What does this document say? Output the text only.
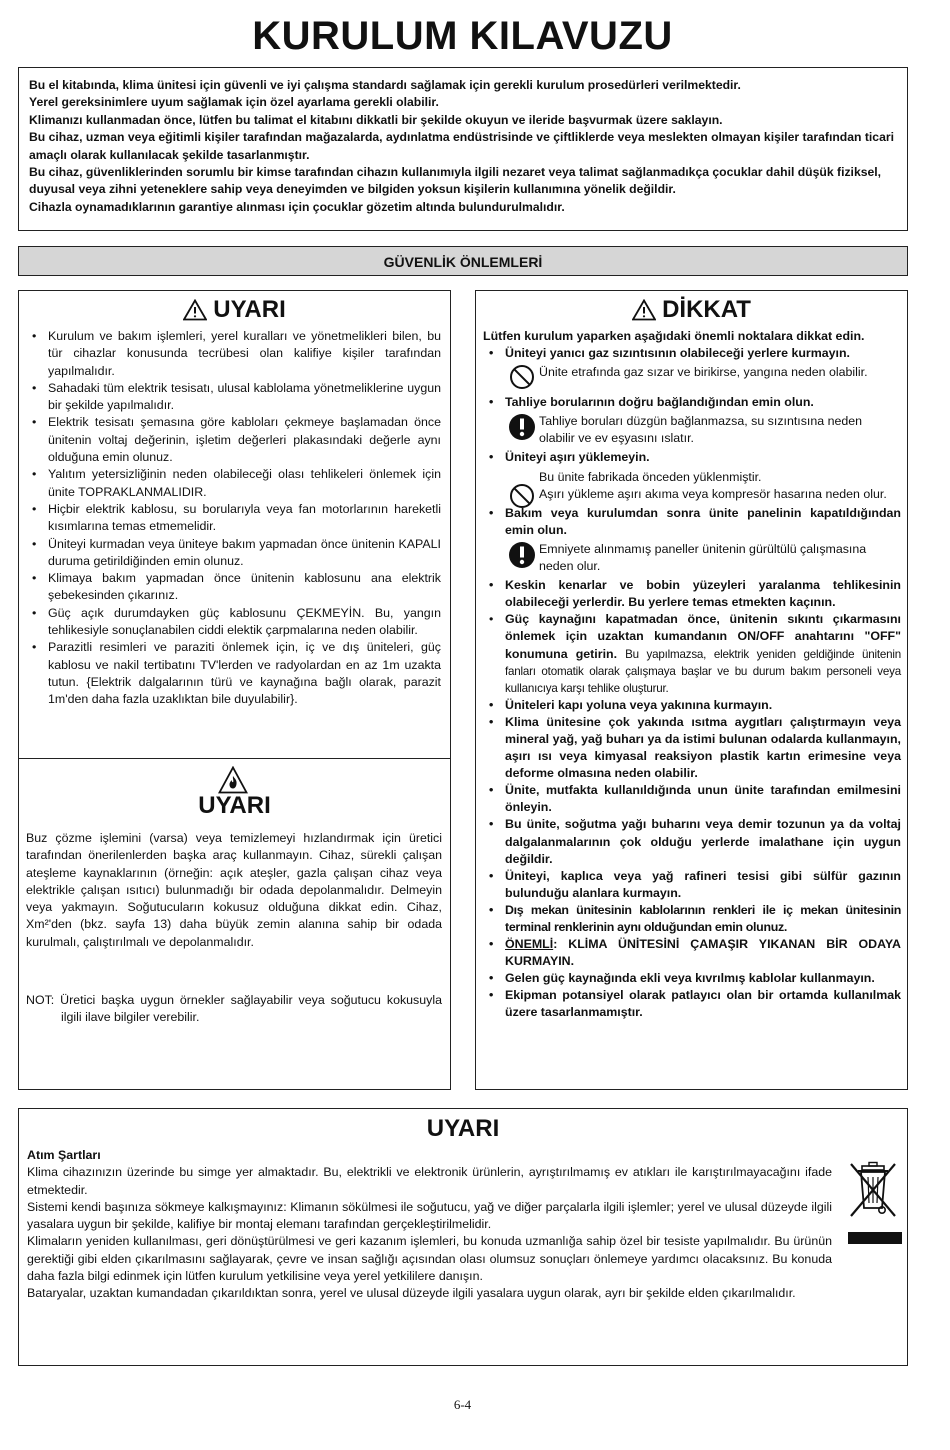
KURULUM KILAVUZU

Bu el kitabında, klima ünitesi için güvenli ve iyi çalışma standardı sağlamak için gerekli kurulum prosedürleri verilmektedir.

Yerel gereksinimlere uyum sağlamak için özel ayarlama gerekli olabilir.

Klimanızı kullanmadan önce, lütfen bu talimat el kitabını dikkatli bir şekilde okuyun ve ileride başvurmak üzere saklayın.

Bu cihaz, uzman veya eğitimli kişiler tarafından mağazalarda, aydınlatma endüstrisinde ve çiftliklerde veya meslekten olmayan kişiler tarafından ticari amaçlı olarak kullanılacak şekilde tasarlanmıştır.

Bu cihaz, güvenliklerinden sorumlu bir kimse tarafından cihazın kullanımıyla ilgili nezaret veya talimat sağlanmadıkça çocuklar dahil düşük fiziksel, duyusal veya zihni yeteneklere sahip veya deneyimden ve bilgiden yoksun kişilerin kullanımına yönelik değildir.

Cihazla oynamadıklarının garantiye alınması için çocuklar gözetim altında bulundurulmalıdır.

GÜVENLİK ÖNLEMLERİ
UYARI
• Kurulum ve bakım işlemleri, yerel kuralları ve yönetmelikleri bilen, bu tür cihazlar konusunda tecrübesi olan kalifiye kişiler tarafından yapılmalıdır.
• Sahadaki tüm elektrik tesisatı, ulusal kablolama yönetmeliklerine uygun bir şekilde yapılmalıdır.
• Elektrik tesisatı şemasına göre kabloları çekmeye başlamadan önce ünitenin voltaj değerinin, işletim değerleri plakasındaki değerle aynı olduğuna emin olunuz.
• Yalıtım yetersizliğinin neden olabileceği olası tehlikeleri önlemek için ünite TOPRAKLANMALIDIR.
• Hiçbir elektrik kablosu, su borularıyla veya fan motorlarının hareketli kısımlarına temas etmemelidir.
• Üniteyi kurmadan veya üniteye bakım yapmadan önce ünitenin KAPALI duruma getirildiğinden emin olunuz.
• Klimaya bakım yapmadan önce ünitenin kablosunu ana elektrik şebekesinden çıkarınız.
• Güç açık durumdayken güç kablosunu ÇEKMEYİN. Bu, yangın tehlikesiyle sonuçlanabilen ciddi elektik çarpmalarına neden olabilir.
• Parazitli resimleri ve paraziti önlemek için, iç ve dış üniteleri, güç kablosu ve nakil tertibatını TV'lerden ve radyolardan en az 1m uzakta tutun. {Elektrik dalgalarının türü ve kaynağına bağlı olarak, parazit 1m'den daha fazla uzaklıktan bile duyulabilir}.
UYARI

Buz çözme işlemini (varsa) veya temizlemeyi hızlandırmak için üretici tarafından önerilenlerden başka araç kullanmayın. Cihaz, sürekli çalışan ateşleme kaynaklarının (örneğin: açık ateşler, gazla çalışan cihaz veya elektrikle çalışan ısıtıcı) bulunmadığı bir odada depolanmalıdır. Delmeyin veya yakmayın. Soğutucuların kokusuz olduğuna dikkat edin. Cihaz, Xm²'den (bkz. sayfa 13) daha büyük zemin alanına sahip bir odada kurulmalı, çalıştırılmalı ve depolanmalıdır.

NOT: Üretici başka uygun örnekler sağlayabilir veya soğutucu kokusuyla ilgili ilave bilgiler verebilir.
DİKKAT
Lütfen kurulum yaparken aşağıdaki önemli noktalara dikkat edin.
• Üniteyi yanıcı gaz sızıntısının olabileceği yerlere kurmayın.
Ünite etrafında gaz sızar ve birikirse, yangına neden olabilir.
• Tahliye borularının doğru bağlandığından emin olun.
Tahliye boruları düzgün bağlanmazsa, su sızıntısına neden olabilir ve ev eşyasını ıslatır.
• Üniteyi aşırı yüklemeyin.
Bu ünite fabrikada önceden yüklenmiştir.
Aşırı yükleme aşırı akıma veya kompresör hasarına neden olur.
• Bakım veya kurulumdan sonra ünite panelinin kapatıldığından emin olun.
Emniyete alınmamış paneller ünitenin gürültülü çalışmasına neden olur.
• Keskin kenarlar ve bobin yüzeyleri yaralanma tehlikesinin olabileceği yerlerdir. Bu yerlere temas etmekten kaçının.
• Güç kaynağını kapatmadan önce, ünitenin sıkıntı çıkarmasını önlemek için uzaktan kumandanın ON/OFF anahtarını "OFF" konumuna getirin. Bu yapılmazsa, elektrik yeniden geldiğinde ünitenin fanları otomatik olarak çalışmaya başlar ve bu durum bakım personeli veya kullanıcıya karşı tehlike oluşturur.
• Üniteleri kapı yoluna veya yakınına kurmayın.
• Klima ünitesine çok yakında ısıtma aygıtları çalıştırmayın veya mineral yağ, yağ buharı ya da istimi bulunan odalarda kullanmayın, aşırı ısı veya kimyasal reaksiyon plastik kartın erimesine veya deforme olmasına neden olabilir.
• Ünite, mutfakta kullanıldığında unun ünite tarafından emilmesini önleyin.
• Bu ünite, soğutma yağı buharını veya demir tozunun ya da voltaj dalgalanmalarının çok olduğu yerlerde imalathane için uygun değildir.
• Üniteyi, kaplıca veya yağ rafineri tesisi gibi sülfür gazının bulunduğu alanlara kurmayın.
• Dış mekan ünitesinin kablolarının renkleri ile iç mekan ünitesinin terminal renklerinin aynı olduğundan emin olunuz.
• ÖNEMLİ: KLİMA ÜNİTESİNİ ÇAMAŞIR YIKANAN BİR ODAYA KURMAYIN.
• Gelen güç kaynağında ekli veya kıvrılmış kablolar kullanmayın.
• Ekipman potansiyel olarak patlayıcı olan bir ortamda kullanılmak üzere tasarlanmamıştır.
UYARI

Atım Şartları

Klima cihazınızın üzerinde bu simge yer almaktadır. Bu, elektrikli ve elektronik ürünlerin, ayrıştırılmamış ev atıkları ile karıştırılmayacağını ifade etmektedir.

Sistemi kendi başınıza sökmeye kalkışmayınız: Klimanın sökülmesi ile soğutucu, yağ ve diğer parçalarla ilgili işlemler; yerel ve ulusal düzeyde ilgili yasalara uygun bir şekilde, kalifiye bir montaj elemanı tarafından gerçekleştirilmelidir.

Klimaların yeniden kullanılması, geri dönüştürülmesi ve geri kazanım işlemleri, bu konuda uzmanlığa sahip özel bir tesiste yapılmalıdır. Bu ürünün gerektiği gibi elden çıkarılmasını sağlayarak, çevre ve insan sağlığı açısından olası olumsuz sonuçları önlemeye yardımcı olacaksınız. Bu konuda daha fazla bilgi edinmek için lütfen kurulum yetkilisine veya yerel yetkililere danışın.

Bataryalar, uzaktan kumandadan çıkarıldıktan sonra, yerel ve ulusal düzeyde ilgili yasalara uygun olarak, ayrı bir şekilde elden çıkarılmalıdır.

6-4
